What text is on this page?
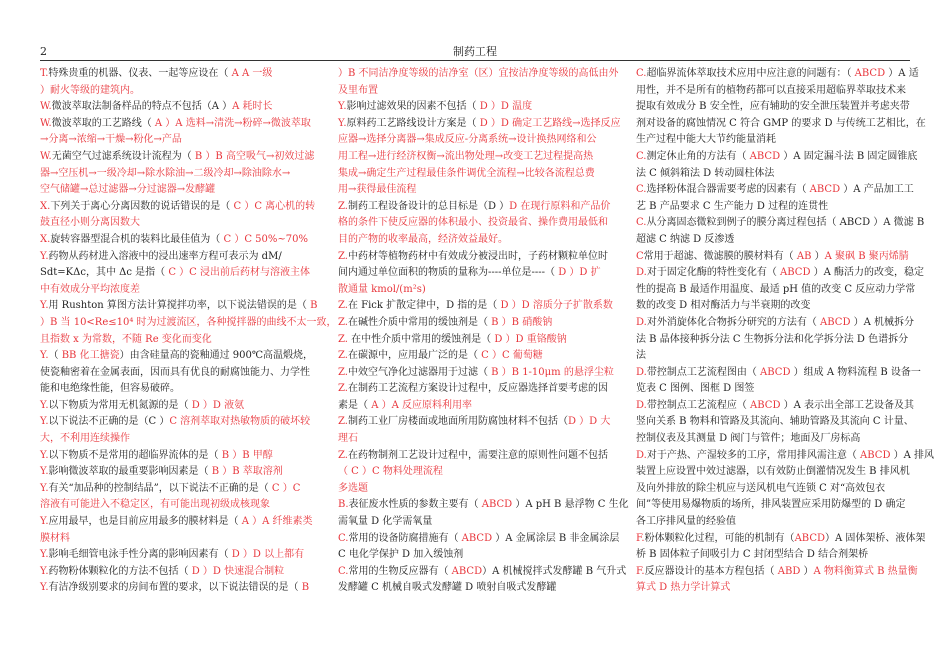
2	制药工程
T.特殊贵重的机器、仪表、一起等应设在（ A A 一级
）耐火等级的建筑内。
W.微波萃取法制备样品的特点不包括（A ）A 耗时长
W.微波萃取的工艺路线（ A ）A 选料→清洗→粉碎→微波萃取
→分离→浓缩→干燥→粉化→产品
W.无菌空气过滤系统设计流程为（ B ）B 高空吸气→初效过滤
器→空压机→一级冷却→除水除油→二级冷却→除油除水→
空气储罐→总过滤器→分过滤器→发酵罐
X.下列关于离心分离因数的说话错误的是（ C ）C 离心机的转
鼓直径小则分离因数大
X.旋转容器型混合机的装料比最佳值为（ C ）C 50%~70%
Y.药物从药材进入溶液中的浸出速率方程可表示为 dM/
Sdt=KΔc，其中 Δc 是指（ C ）C 浸出前后药材与溶液主体
中有效成分平均浓度差
Y.用 Rushton 算图方法计算搅拌功率，以下说法错误的是（ B
）B 当 10<Re≤10⁴ 时为过渡流区，各种搅拌器的曲线不太一致，
且指数 x 为常数，不随 Re 变化而变化
Y.（ BB 化工搪瓷）由含硅量高的瓷釉通过 900℃高温煅烧，
使瓷釉密着在金属表面，因而具有优良的耐腐蚀能力、力学性
能和电绝缘性能，但容易破碎。
Y.以下物质为常用无机氮源的是（ D ）D 液氨
Y.以下说法不正确的是（C ）C 溶剂萃取对热敏物质的破坏较
大，不利用连续操作
Y.以下物质不是常用的超临界流体的是（ B ）B 甲醇
Y.影响微波萃取的最重要影响因素是（ B ）B 萃取溶剂
Y.有关“加品种的控制结晶”，以下说法不正确的是（ C ）C
溶液有可能进入不稳定区，有可能出现初级成核现象
Y.应用最早，也是目前应用最多的膜材料是（ A ）A 纤维素类
膜材料
Y.影响毛细管电泳手性分离的影响因素有（ D ）D 以上都有
Y.药物粉体颗粒化的方法不包括（ D ）D 快速混合制粒
Y.有洁净级别要求的房间布置的要求，以下说法错误的是（ B
）B 不同洁净度等级的洁净室（区）宜按洁净度等级的高低由外
及里布置
Y.影响过滤效果的因素不包括（ D ）D 温度
Y.原料药工艺路线设计方案是（ D ）D 确定工艺路线→选择反应
应器→选择分离器→集成反应-分离系统→设计换热网络和公
用工程→进行经济权衡→流出物处理→改变工艺过程提高热
集成→确定生产过程最佳条件调优全流程→比较各流程总费
用→获得最佳流程
Z.制药工程设备设计的总目标是（D ）D 在现行原料和产品价
格的条件下使反应器的体积最小、投资最省、操作费用最低和
目的产物的收率最高，经济效益最好。
Z.中药材等植物药材中有效成分被浸出时，子药材颗粒单位时
间内通过单位面积的物质的量称为----单位是----（ D ）D 扩
散通量 kmol/(m²s)
Z.在 Fick 扩散定律中，D 指的是（ D ）D 溶质分子扩散系数
Z.在碱性介质中常用的缓蚀剂是（ B ）B 硝酸钠
Z. 在中性介质中常用的缓蚀剂是（ D ）D 重铬酸钠
Z.在碳源中，应用最广泛的是（ C ）C 葡萄糖
Z.中效空气净化过滤器用于过滤（ B ）B 1-10μm 的悬浮尘粒
Z.在制药工艺流程方案设计过程中，反应器选择首要考虑的因
素是（ A ）A 反应原料利用率
Z.制药工业厂房楼面或地面所用防腐蚀材料不包括（D ）D 大
理石
Z.在药物制剂工艺设计过程中，需要注意的原则性问题不包括
（ C ）C 物料处理流程
多选题
B.表征废水性质的参数主要有（ ABCD ）A pH B 悬浮物 C 生化
需氧量 D 化学需氧量
C.常用的设备防腐措施有（ ABCD ）A 金属涂层 B 非金属涂层
C 电化学保护 D 加入缓蚀剂
C.常用的生物反应器有（ ABCD）A 机械搅拌式发酵罐 B 气升式
发酵罐 C 机械自吸式发酵罐 D 喷射自吸式发酵罐
C.超临界流体萃取技术应用中应注意的问题有：（ ABCD ）A 适
用性，并不是所有的植物药都可以直接采用超临界萃取技术来
提取有效成分 B 安全性，应有辅助的安全泄压装置并考虑夹带
剂对设备的腐蚀情况 C 符合 GMP 的要求 D 与传统工艺相比，在
生产过程中能大大节约能量消耗
C.测定休止角的方法有（ ABCD ）A 固定漏斗法 B 固定圆锥底
法 C 倾斜箱法 D 转动圆柱体法
C.选择粉体混合器需要考虑的因素有（ ABCD ）A 产品加工工
艺 B 产品要求 C 生产能力 D 过程的连贯性
C.从分离固态微粒到例子的膜分离过程包括（ ABCD ）A 微滤 B
超滤 C 纳滤 D 反渗透
C常用于超滤、微滤膜的膜材料有（ AB ）A 聚砜 B 聚丙烯腈
D.对于固定化酶的特性变化有（ ABCD ）A 酶活力的改变，稳定
性的提高 B 最适作用温度、最适 pH 值的改变 C 反应动力学常
数的改变 D 相对酶活力与半衰期的改变
D.对外消旋体化合物拆分研究的方法有（ ABCD ）A 机械拆分
法 B 晶体接种拆分法 C 生物拆分法和化学拆分法 D 色谱拆分
法
D.带控制点工艺流程图由（ ABCD ）组成 A 物料流程 B 设备一
览表 C 图例、图框 D 图签
D.带控制点工艺流程应（ ABCD ）A 表示出全部工艺设备及其
竖向关系 B 物料和管路及其流向、辅助管路及其流向 C 计量、
控制仪表及其测量 D 阀门与管件；地面及厂房标高
D.对于产热、产湿较多的工序，常用排风需注意（ ABCD ）A 排风
装置上应设置中效过滤器，以有效防止倒灌情况发生 B 排风机
及向外排放的除尘机应与送风机电气连锁 C 对“高效包衣
间”等使用易爆物质的场所，排风装置应采用防爆型的 D 确定
各工序排风量的经验值
F.粉体颗粒化过程，可能的机制有（ABCD）A 固体架桥、液体架
桥 B 固体粒子间吸引力 C 封闭型结合 D 结合剂架桥
F.反应器设计的基本方程包括（ ABD ）A 物料衡算式 B 热量衡
算式 D 热力学计算式
